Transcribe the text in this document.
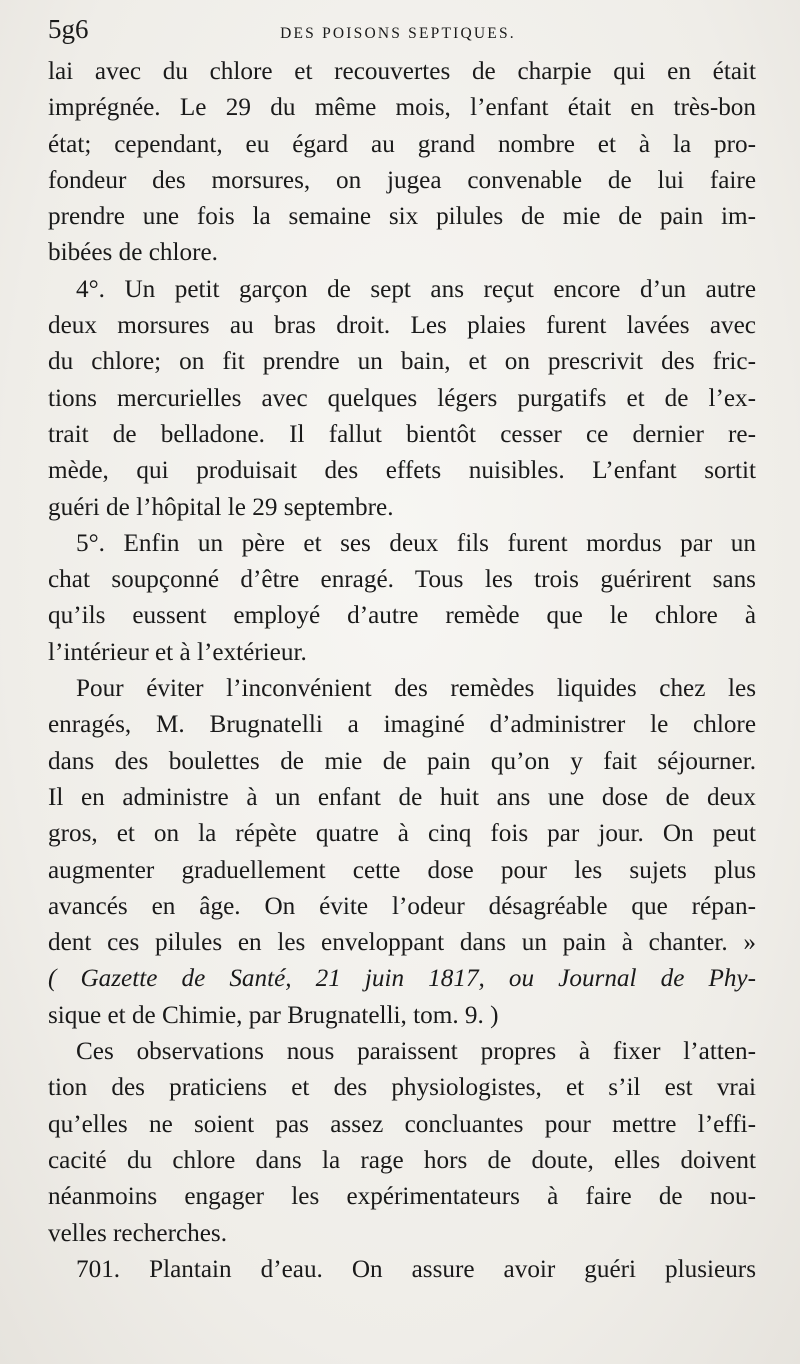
5g6	DES POISONS SEPTIQUES.

lai avec du chlore et recouvertes de charpie qui en était
imprégnée. Le 29 du même mois, l’enfant était en très-bon
état; cependant, eu égard au grand nombre et à la pro-
fondeur des morsures, on jugea convenable de lui faire
prendre une fois la semaine six pilules de mie de pain im-
bibées de chlore.

4°. Un petit garçon de sept ans reçut encore d’un autre
deux morsures au bras droit. Les plaies furent lavées avec
du chlore; on fit prendre un bain, et on prescrivit des fric-
tions mercurielles avec quelques légers purgatifs et de l’ex-
trait de belladone. Il fallut bientôt cesser ce dernier re-
mède, qui produisait des effets nuisibles. L’enfant sortit
guéri de l’hôpital le 29 septembre.

5°. Enfin un père et ses deux fils furent mordus par un
chat soupçonné d’être enragé. Tous les trois guérirent sans
qu’ils eussent employé d’autre remède que le chlore à
l’intérieur et à l’extérieur.

Pour éviter l’inconvénient des remèdes liquides chez les
enragés, M. Brugnatelli a imaginé d’administrer le chlore
dans des boulettes de mie de pain qu’on y fait séjourner.
Il en administre à un enfant de huit ans une dose de deux
gros, et on la répète quatre à cinq fois par jour. On peut
augmenter graduellement cette dose pour les sujets plus
avancés en âge. On évite l’odeur désagréable que répan-
dent ces pilules en les enveloppant dans un pain à chanter. »
( Gazette de Santé, 21 juin 1817, ou Journal de Phy-
sique et de Chimie, par Brugnatelli, tom. 9. )

Ces observations nous paraissent propres à fixer l’atten-
tion des praticiens et des physiologistes, et s’il est vrai
qu’elles ne soient pas assez concluantes pour mettre l’effi-
cacité du chlore dans la rage hors de doute, elles doivent
néanmoins engager les expérimentateurs à faire de nou-
velles recherches.

701. Plantain d’eau. On assure avoir guéri plusieurs
